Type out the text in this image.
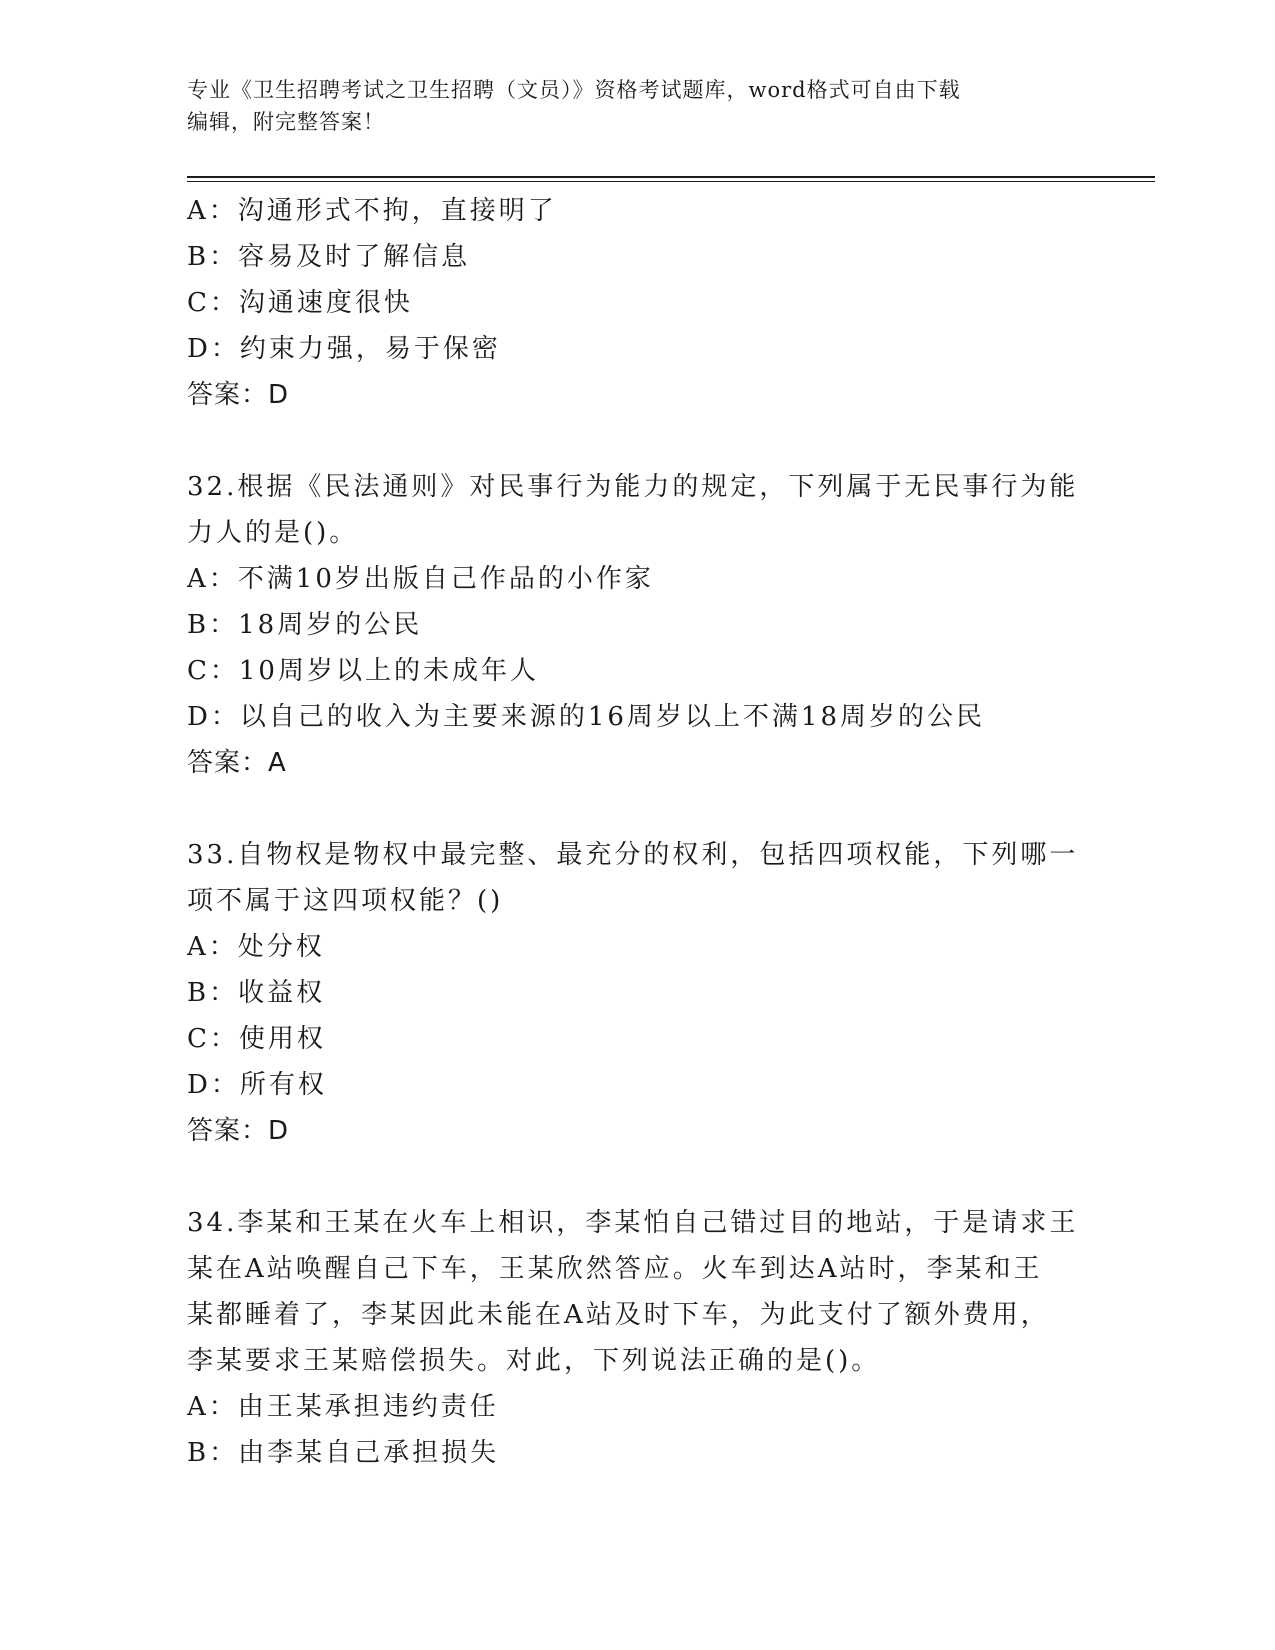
专业《卫生招聘考试之卫生招聘（文员）》资格考试题库，word格式可自由下载
编辑，附完整答案！
A：沟通形式不拘，直接明了
B：容易及时了解信息
C：沟通速度很快
D：约束力强，易于保密
答案：D
32.根据《民法通则》对民事行为能力的规定，下列属于无民事行为能
力人的是()。
A：不满10岁出版自己作品的小作家
B：18周岁的公民
C：10周岁以上的未成年人
D：以自己的收入为主要来源的16周岁以上不满18周岁的公民
答案：A
33.自物权是物权中最完整、最充分的权利，包括四项权能，下列哪一
项不属于这四项权能？()
A：处分权
B：收益权
C：使用权
D：所有权
答案：D
34.李某和王某在火车上相识，李某怕自己错过目的地站，于是请求王
某在A站唤醒自己下车，王某欣然答应。火车到达A站时，李某和王
某都睡着了，李某因此未能在A站及时下车，为此支付了额外费用，
李某要求王某赔偿损失。对此，下列说法正确的是()。
A：由王某承担违约责任
B：由李某自己承担损失
